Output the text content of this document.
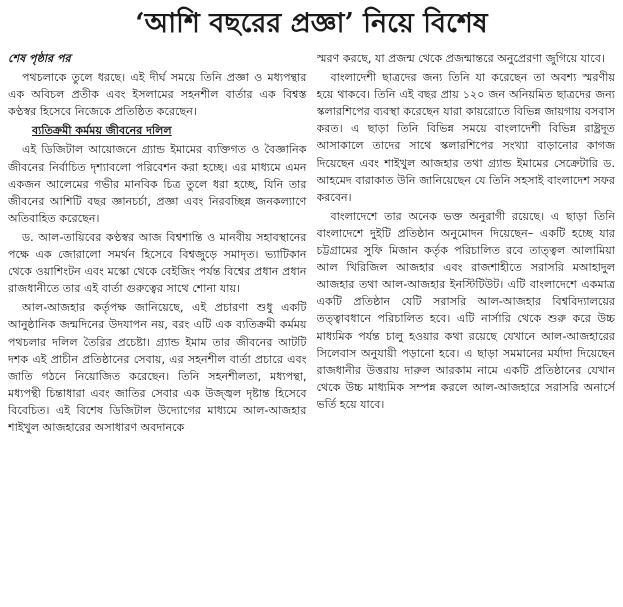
‘আশি বছরের প্রজ্ঞা’ নিয়ে বিশেষ

শেষ পৃষ্ঠার পর

পথচলাকে তুলে ধরছে। এই দীর্ঘ সময়ে তিনি প্রজ্ঞা ও মধ্যপন্থার এক অবিচল প্রতীক এবং ইসলামের সহনশীল বার্তার এক বিশ্বস্ত কণ্ঠস্বর হিসেবে নিজেকে প্রতিষ্ঠিত করেছেন।

ব্যতিক্রমী কর্মময় জীবনের দলিল

এই ডিজিটাল আয়োজনে গ্র্যান্ড ইমামের ব্যক্তিগত ও বৈজ্ঞানিক জীবনের নির্বাচিত দৃশ্যাবলো পরিবেশন করা হচ্ছে। এর মাধ্যমে এমন একজন আলেমের গভীর মানবিক চিত্র তুলে ধরা হচ্ছে, যিনি তার জীবনের আশিটি বছর জ্ঞানচর্চা, প্রজ্ঞা এবং নিরবচ্ছিন্ন জনকল্যাণে অতিবাহিত করেছেন।

ড. আল-তায়িবের কণ্ঠস্বর আজ বিশ্বশান্তি ও মানবীয় সহাবস্থানের পক্ষে এক জোরালো সমর্থন হিসেবে বিশ্বজুড়ে সমাদৃত। ভ্যাটিকান থেকে ওয়াশিংটন এবং মস্কো থেকে বেইজিং পর্যন্ত বিশ্বের প্রধান প্রধান রাজধানীতে তার এই বার্তা গুরুত্বের সাথে শোনা যায়।

আল-আজহার কর্তৃপক্ষ জানিয়েছে, এই প্রচারণা শুধু একটি আনুষ্ঠানিক জন্মদিনের উদযাপন নয়, বরং এটি এক ব্যতিক্রমী কর্মময় পথচলার দলিল তৈরির প্রচেষ্টা। গ্র্যান্ড ইমাম তার জীবনের আটটি দশক এই প্রাচীন প্রতিষ্ঠানের সেবায়, এর সহনশীল বার্তা প্রচারে এবং জাতি গঠনে নিয়োজিত করেছেন। তিনি সহনশীলতা, মধ্যপন্থা, মধ্যপন্থী চিন্তাধারা এবং জাতির সেবার এক উজ্জ্বল দৃষ্টান্ত হিসেবে বিবেচিত। এই বিশেষ ডিজিটাল উদ্যোগের মাধ্যমে আল-আজহার শাইখুল আজহারের অসাধারণ অবদানকে

স্মরণ করছে, যা প্রজন্ম থেকে প্রজন্মান্তরে অনুপ্রেরণা জুগিয়ে যাবে।

বাংলাদেশী ছাত্রদের জন্য তিনি যা করেছেন তা অবশ্য স্মরণীয় হয়ে থাকবে। তিনি এই বছর প্রায় ১২০ জন অনিয়মিত ছাত্রদের জন্য স্কলারশিপের ব্যবস্থা করেছেন যারা কায়রোতে বিভিন্ন জায়গায় বসবাস করত। এ ছাড়া তিনি বিভিন্ন সময়ে বাংলাদেশী বিভিন্ন রাষ্ট্রদূত আসাকালে তাদের সাথে স্কলারশিপের সংখ্যা বাড়ানোর কাগজ দিয়েছেন এবং শাইখুল আজহার তথা গ্র্যান্ড ইমামের সেক্রেটারি ড. আহমেদ বারাকাত উনি জানিয়েছেন যে তিনি সহসাই বাংলাদেশ সফর করবেন।

বাংলাদেশে তার অনেক ভক্ত অনুরাগী রয়েছে। এ ছাড়া তিনি বাংলাদেশে দুইটি প্রতিষ্ঠান অনুমোদন দিয়েছেন– একটি হচ্ছে যার চট্টগ্রামের সুফি মিজান কর্তৃক পরিচালিত রবে তাত্ত্বল আলামিয়া আল খিরিজিল আজহার এবং রাজশাহীতে সরাসরি মআহাদুল আজহার তথা আল-আজহার ইনস্টিটিউট। এটি বাংলাদেশে একমাত্র একটি প্রতিষ্ঠান যেটি সরাসরি আল-আজহার বিশ্ববিদ্যালয়ের তত্ত্বাবধানে পরিচালিত হবে। এটি নার্সারি থেকে শুরু করে উচ্চ মাধ্যমিক পর্যন্ত চালু হওয়ার কথা রয়েছে যেখানে আল-আজহারের সিলেবাস অনুযায়ী পড়ানো হবে। এ ছাড়া সমমানের মর্যাদা দিয়েছেন রাজধানীর উত্তরায় দারুল আরকাম নামে একটি প্রতিষ্ঠানের যেখান থেকে উচ্চ মাধ্যমিক সম্পন্ন করলে আল-আজহারে সরাসরি অনার্সে ভর্তি হয়ে যাবে।
